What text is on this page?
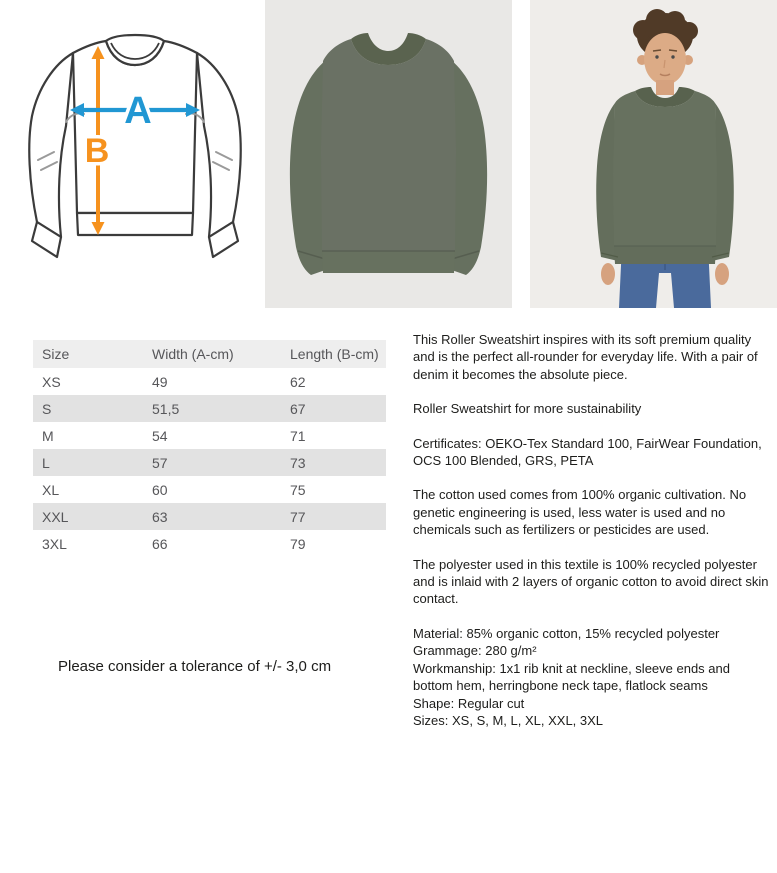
A
B
Size	Width (A-cm)	Length (B-cm)
XS	49	62
S	51,5	67
M	54	71
L	57	73
XL	60	75
XXL	63	77
3XL	66	79

Please consider a tolerance of +/- 3,0 cm

This Roller Sweatshirt inspires with its soft premium quality and is the perfect all-rounder for everyday life. With a pair of denim it becomes the absolute piece.

Roller Sweatshirt for more sustainability

Certificates: OEKO-Tex Standard 100, FairWear Foundation, OCS 100 Blended, GRS, PETA

The cotton used comes from 100% organic cultivation. No genetic engineering is used, less water is used and no chemicals such as fertilizers or pesticides are used.

The polyester used in this textile is 100% recycled polyester and is inlaid with 2 layers of organic cotton to avoid direct skin contact.

Material: 85% organic cotton, 15% recycled polyester
Grammage: 280 g/m²
Workmanship: 1x1 rib knit at neckline, sleeve ends and bottom hem, herringbone neck tape, flatlock seams
Shape: Regular cut
Sizes: XS, S, M, L, XL, XXL, 3XL
